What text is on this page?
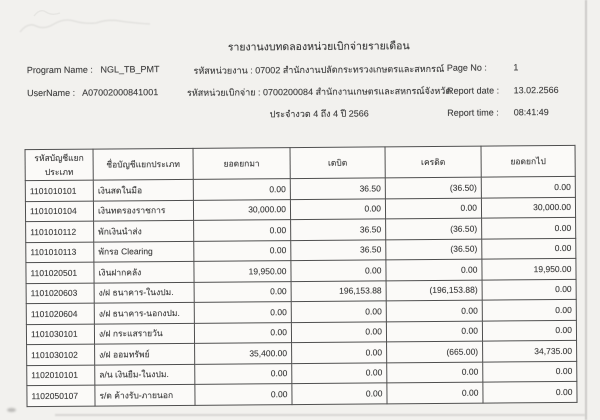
รายงานงบทดลองหน่วยเบิกจ่ายรายเดือน
Program Name : NGL_TB_PMT
UserName : A07002000841001
รหัสหน่วยงาน : 07002 สำนักงานปลัดกระทรวงเกษตรและสหกรณ์
รหัสหน่วยเบิกจ่าย : 0700200084 สำนักงานเกษตรและสหกรณ์จังหวัด
ประจำงวด 4 ถึง 4 ปี 2566
Page No :	1
Report date : 13.02.2566
Report time : 08:41:49
รหัสบัญชีแยกประเภท	ชื่อบัญชีแยกประเภท	ยอดยกมา	เดบิต	เครดิต	ยอดยกไป
1101010101	เงินสดในมือ	0.00	36.50	(36.50)	0.00
1101010104	เงินทดรองราชการ	30,000.00	0.00	0.00	30,000.00
1101010112	พักเงินนำส่ง	0.00	36.50	(36.50)	0.00
1101010113	พักรอ Clearing	0.00	36.50	(36.50)	0.00
1101020501	เงินฝากคลัง	19,950.00	0.00	0.00	19,950.00
1101020603	ง/ฝ ธนาคาร-ในงปม.	0.00	196,153.88	(196,153.88)	0.00
1101020604	ง/ฝ ธนาคาร-นอกงปม.	0.00	0.00	0.00	0.00
1101030101	ง/ฝ กระแสรายวัน	0.00	0.00	0.00	0.00
1101030102	ง/ฝ ออมทรัพย์	35,400.00	0.00	(665.00)	34,735.00
1102010101	ล/น เงินยืม-ในงปม.	0.00	0.00	0.00	0.00
1102050107	ร/ด ค้างรับ-ภายนอก	0.00	0.00	0.00	0.00
